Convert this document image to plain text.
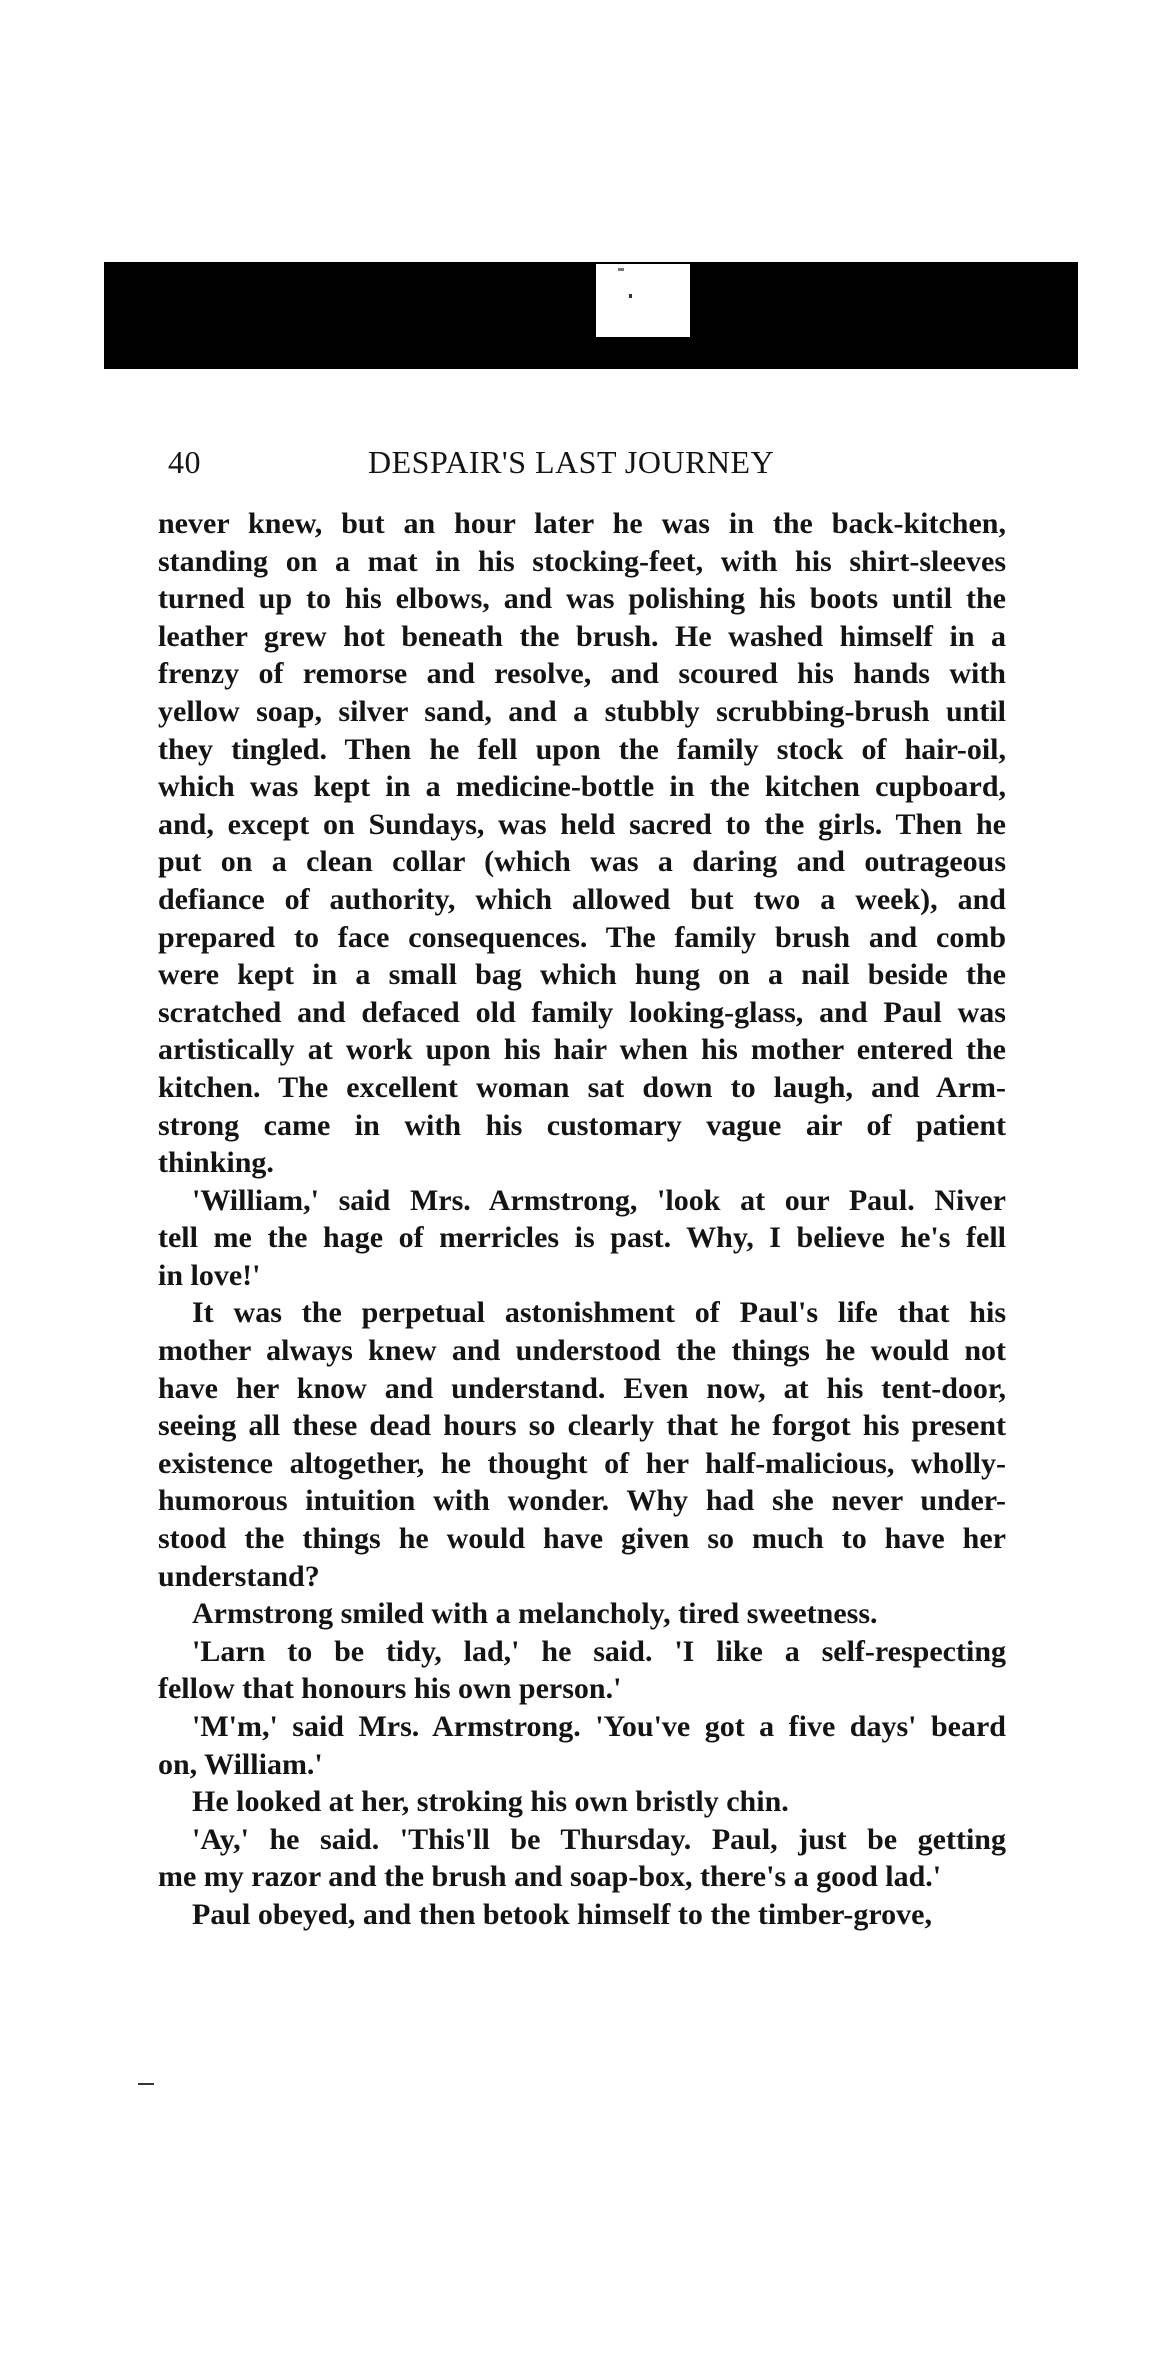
40	DESPAIR'S LAST JOURNEY
never knew, but an hour later he was in the back-kitchen,
standing on a mat in his stocking-feet, with his shirt-sleeves
turned up to his elbows, and was polishing his boots until the
leather grew hot beneath the brush. He washed himself in a
frenzy of remorse and resolve, and scoured his hands with
yellow soap, silver sand, and a stubbly scrubbing-brush until
they tingled. Then he fell upon the family stock of hair-oil,
which was kept in a medicine-bottle in the kitchen cupboard,
and, except on Sundays, was held sacred to the girls. Then he
put on a clean collar (which was a daring and outrageous
defiance of authority, which allowed but two a week), and
prepared to face consequences. The family brush and comb
were kept in a small bag which hung on a nail beside the
scratched and defaced old family looking-glass, and Paul was
artistically at work upon his hair when his mother entered the
kitchen. The excellent woman sat down to laugh, and Arm-
strong came in with his customary vague air of patient
thinking.
'William,' said Mrs. Armstrong, 'look at our Paul. Niver
tell me the hage of merricles is past. Why, I believe he's fell
in love!'
It was the perpetual astonishment of Paul's life that his
mother always knew and understood the things he would not
have her know and understand. Even now, at his tent-door,
seeing all these dead hours so clearly that he forgot his present
existence altogether, he thought of her half-malicious, wholly-
humorous intuition with wonder. Why had she never under-
stood the things he would have given so much to have her
understand?
Armstrong smiled with a melancholy, tired sweetness.
'Larn to be tidy, lad,' he said. 'I like a self-respecting
fellow that honours his own person.'
'M'm,' said Mrs. Armstrong. 'You've got a five days' beard
on, William.'
He looked at her, stroking his own bristly chin.
'Ay,' he said. 'This'll be Thursday. Paul, just be getting
me my razor and the brush and soap-box, there's a good lad.'
Paul obeyed, and then betook himself to the timber-grove,
